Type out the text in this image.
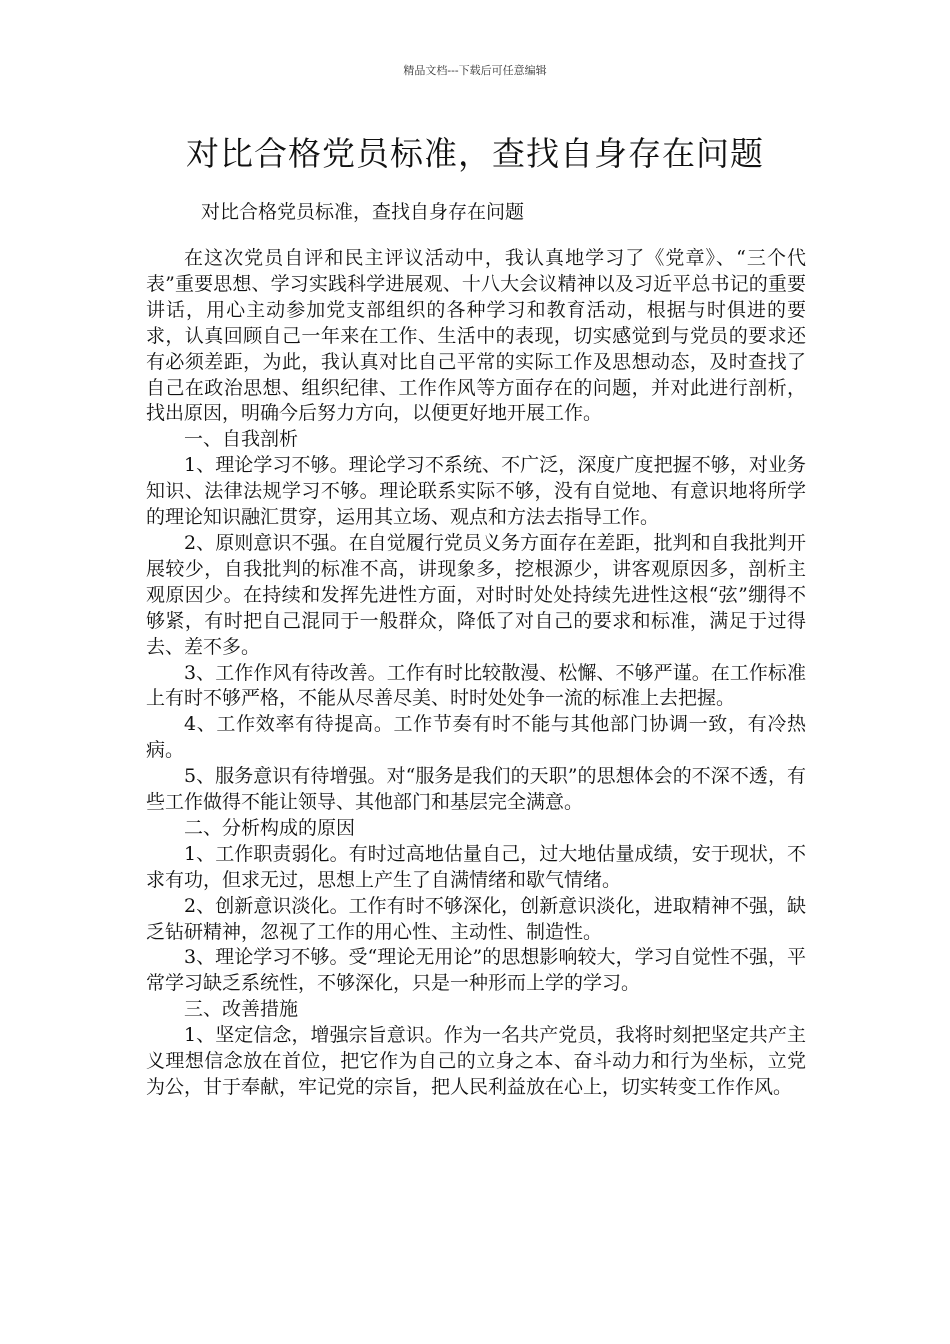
精品文档---下载后可任意编辑
对比合格党员标准，查找自身存在问题

对比合格党员标准，查找自身存在问题

在这次党员自评和民主评议活动中，我认真地学习了《党章》、“三个代表”重要思想、学习实践科学进展观、十八大会议精神以及习近平总书记的重要讲话，用心主动参加党支部组织的各种学习和教育活动，根据与时俱进的要求，认真回顾自己一年来在工作、生活中的表现，切实感觉到与党员的要求还有必须差距，为此，我认真对比自己平常的实际工作及思想动态，及时查找了自己在政治思想、组织纪律、工作作风等方面存在的问题，并对此进行剖析，找出原因，明确今后努力方向，以便更好地开展工作。

一、自我剖析

1、理论学习不够。理论学习不系统、不广泛，深度广度把握不够，对业务知识、法律法规学习不够。理论联系实际不够，没有自觉地、有意识地将所学的理论知识融汇贯穿，运用其立场、观点和方法去指导工作。

2、原则意识不强。在自觉履行党员义务方面存在差距，批判和自我批判开展较少，自我批判的标准不高，讲现象多，挖根源少，讲客观原因多，剖析主观原因少。在持续和发挥先进性方面，对时时处处持续先进性这根“弦”绷得不够紧，有时把自己混同于一般群众，降低了对自己的要求和标准，满足于过得去、差不多。

3、工作作风有待改善。工作有时比较散漫、松懈、不够严谨。在工作标准上有时不够严格，不能从尽善尽美、时时处处争一流的标准上去把握。

4、工作效率有待提高。工作节奏有时不能与其他部门协调一致，有冷热病。

5、服务意识有待增强。对“服务是我们的天职”的思想体会的不深不透，有些工作做得不能让领导、其他部门和基层完全满意。

二、分析构成的原因

1、工作职责弱化。有时过高地估量自己，过大地估量成绩，安于现状，不求有功，但求无过，思想上产生了自满情绪和歇气情绪。

2、创新意识淡化。工作有时不够深化，创新意识淡化，进取精神不强，缺乏钻研精神，忽视了工作的用心性、主动性、制造性。

3、理论学习不够。受“理论无用论”的思想影响较大，学习自觉性不强，平常学习缺乏系统性，不够深化，只是一种形而上学的学习。

三、改善措施

1、坚定信念，增强宗旨意识。作为一名共产党员，我将时刻把坚定共产主义理想信念放在首位，把它作为自己的立身之本、奋斗动力和行为坐标，立党为公，甘于奉献，牢记党的宗旨，把人民利益放在心上，切实转变工作作风。
